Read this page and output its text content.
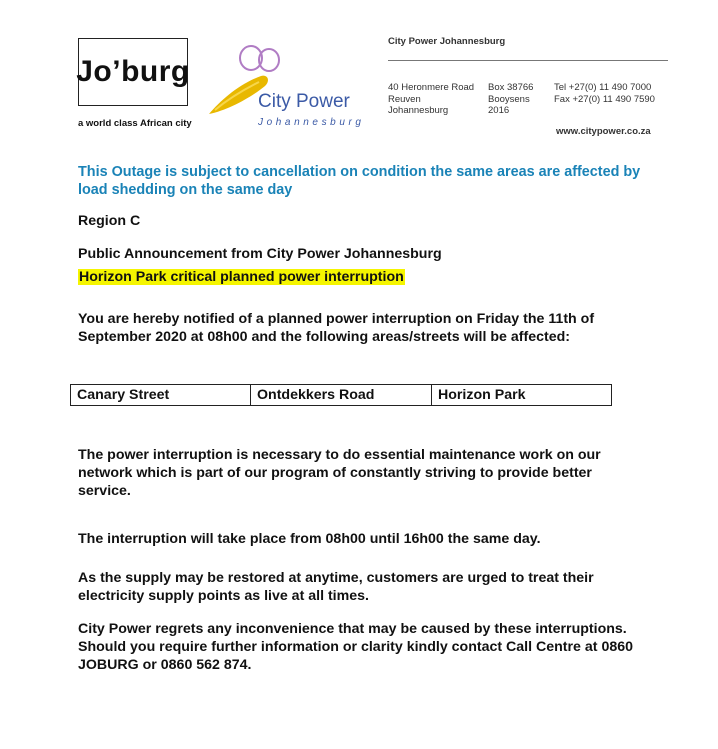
Jo’burg
a world class African city
City Power
Johannesburg
City Power Johannesburg
40 Heronmere Road
Reuven
Johannesburg
Box 38766
Booysens
2016
Tel +27(0) 11 490 7000
Fax +27(0) 11 490 7590
www.citypower.co.za
This Outage is subject to cancellation on condition the same areas are affected by load shedding on the same day
Region C
Public Announcement from City Power Johannesburg
Horizon Park critical planned power interruption
You are hereby notified of a planned power interruption on Friday the 11th of September 2020 at 08h00 and the following areas/streets will be affected:
Canary Street	Ontdekkers Road	Horizon Park
The power interruption is necessary to do essential maintenance work on our network which is part of our program of constantly striving to provide better service.
The interruption will take place from 08h00 until 16h00 the same day.
As the supply may be restored at anytime, customers are urged to treat their electricity supply points as live at all times.
City Power regrets any inconvenience that may be caused by these interruptions. Should you require further information or clarity kindly contact Call Centre at 0860 JOBURG or 0860 562 874.
